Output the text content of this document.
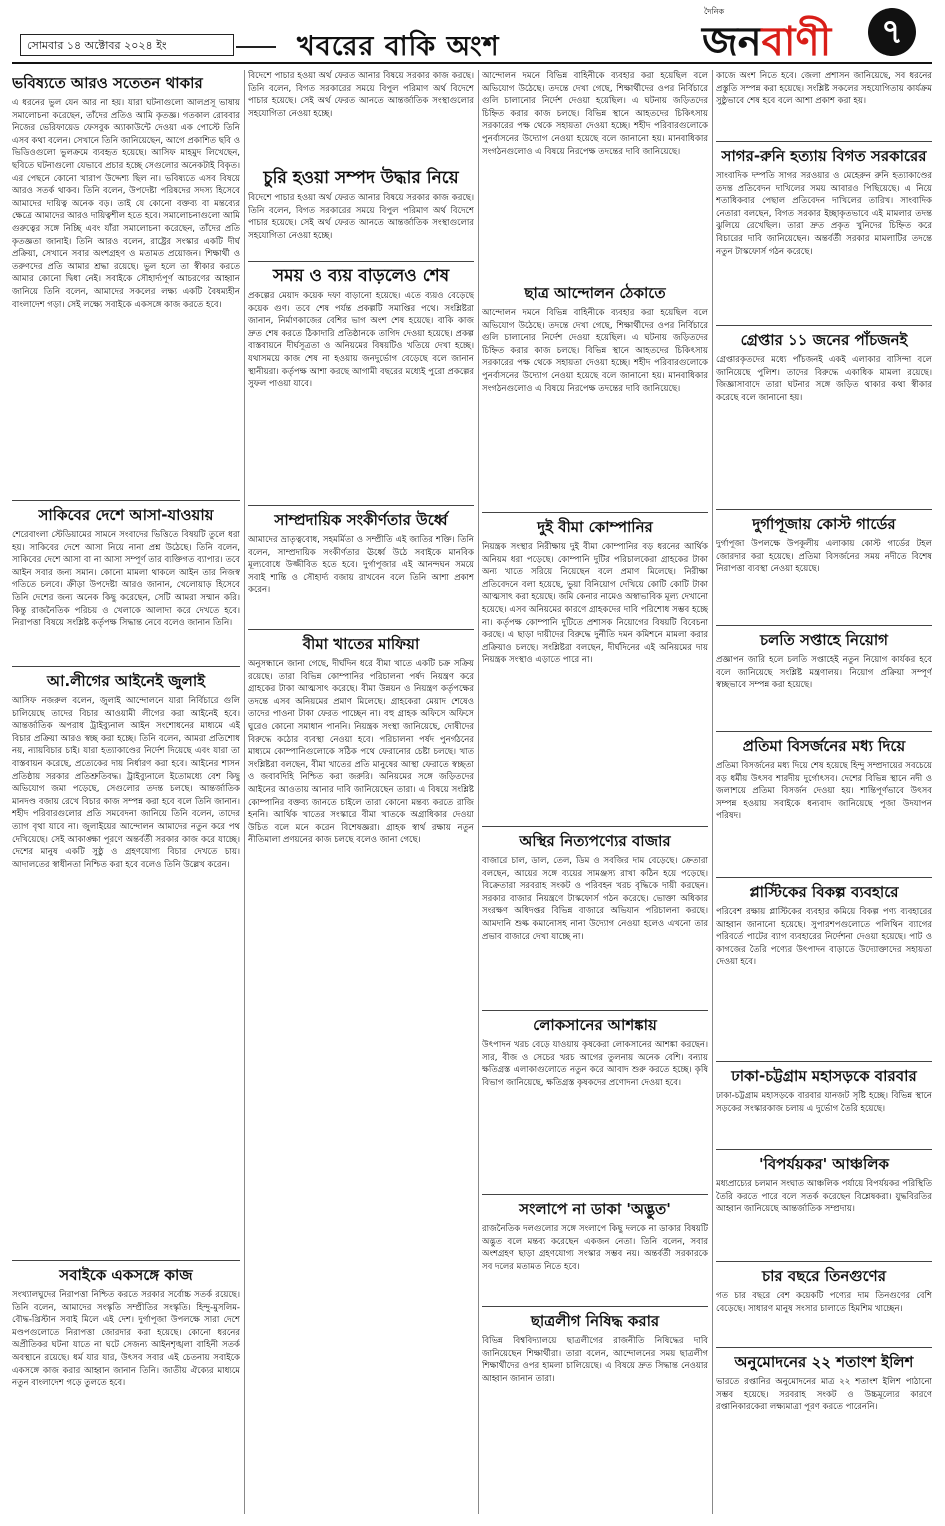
সোমবার ১৪ অক্টোবর ২০২৪ ইং	খবরের বাকি অংশ
দৈনিক
জনবাণী	৭
ভবিষ্যতে আরও সতেতন থাকার

এ ধরনের ভুল যেন আর না হয়। যারা ঘটনাগুলো আলপ্রসূ ভাষায় সমালোচনা করেছেন, তাঁদের প্রতিও আমি কৃতজ্ঞ। গতকাল রোববার নিজের ভেরিফায়েড ফেসবুক অ্যাকাউন্টে দেওয়া এক পোস্টে তিনি এসব কথা বলেন। সেখানে তিনি জানিয়েছেন, আগে প্রকাশিত ছবি ও ভিডিওগুলো ভুলক্রমে ব্যবহৃত হয়েছে। আসিফ মাহমুদ লিখেছেন, ছবিতে ঘটনাগুলো যেভাবে প্রচার হচ্ছে সেগুলোর অনেকটাই বিকৃত। এর পেছনে কোনো খারাপ উদ্দেশ্য ছিল না। ভবিষ্যতে এসব বিষয়ে আরও সতর্ক থাকব। তিনি বলেন, উপদেষ্টা পরিষদের সদস্য হিসেবে আমাদের দায়িত্ব অনেক বড়। তাই যে কোনো বক্তব্য বা মন্তব্যের ক্ষেত্রে আমাদের আরও দায়িত্বশীল হতে হবে। সমালোচনাগুলো আমি গুরুত্বের সঙ্গে নিচ্ছি এবং যাঁরা সমালোচনা করেছেন, তাঁদের প্রতি কৃতজ্ঞতা জানাই। তিনি আরও বলেন, রাষ্ট্রের সংস্কার একটি দীর্ঘ প্রক্রিয়া, সেখানে সবার অংশগ্রহণ ও মতামত প্রয়োজন। শিক্ষার্থী ও তরুণদের প্রতি আমার শ্রদ্ধা রয়েছে। ভুল হলে তা স্বীকার করতে আমার কোনো দ্বিধা নেই। সবাইকে সৌহার্দ্যপূর্ণ আচরণের আহ্বান জানিয়ে তিনি বলেন, আমাদের সকলের লক্ষ্য একটি বৈষম্যহীন বাংলাদেশ গড়া। সেই লক্ষ্যে সবাইকে একসঙ্গে কাজ করতে হবে।

সাকিবের দেশে আসা-যাওয়ায়

শেরেবাংলা স্টেডিয়ামের সামনে সংবাদের ভিত্তিতে বিষয়টি তুলে ধরা হয়। সাকিবের দেশে আসা নিয়ে নানা প্রশ্ন উঠেছে। তিনি বলেন, সাকিবের দেশে আসা বা না আসা সম্পূর্ণ তার ব্যক্তিগত ব্যাপার। তবে আইন সবার জন্য সমান। কোনো মামলা থাকলে আইন তার নিজস্ব গতিতে চলবে। ক্রীড়া উপদেষ্টা আরও জানান, খেলোয়াড় হিসেবে তিনি দেশের জন্য অনেক কিছু করেছেন, সেটি আমরা সম্মান করি। কিন্তু রাজনৈতিক পরিচয় ও খেলাকে আলাদা করে দেখতে হবে। নিরাপত্তা বিষয়ে সংশ্লিষ্ট কর্তৃপক্ষ সিদ্ধান্ত নেবে বলেও জানান তিনি।

আ.লীগের আইনেই জুলাই

আসিফ নজরুল বলেন, জুলাই আন্দোলনে যারা নির্বিচারে গুলি চালিয়েছে তাদের বিচার আওয়ামী লীগের করা আইনেই হবে। আন্তর্জাতিক অপরাধ ট্রাইব্যুনাল আইন সংশোধনের মাধ্যমে এই বিচার প্রক্রিয়া আরও স্বচ্ছ করা হচ্ছে। তিনি বলেন, আমরা প্রতিশোধ নয়, ন্যায়বিচার চাই। যারা হত্যাকাণ্ডের নির্দেশ দিয়েছে এবং যারা তা বাস্তবায়ন করেছে, প্রত্যেকের দায় নির্ধারণ করা হবে। আইনের শাসন প্রতিষ্ঠায় সরকার প্রতিশ্রুতিবদ্ধ। ট্রাইব্যুনালে ইতোমধ্যে বেশ কিছু অভিযোগ জমা পড়েছে, সেগুলোর তদন্ত চলছে। আন্তর্জাতিক মানদণ্ড বজায় রেখে বিচার কাজ সম্পন্ন করা হবে বলে তিনি জানান। শহীদ পরিবারগুলোর প্রতি সমবেদনা জানিয়ে তিনি বলেন, তাদের ত্যাগ বৃথা যাবে না। জুলাইয়ের আন্দোলন আমাদের নতুন করে পথ দেখিয়েছে। সেই আকাঙ্ক্ষা পূরণে অন্তর্বর্তী সরকার কাজ করে যাচ্ছে। দেশের মানুষ একটি সুষ্ঠু ও গ্রহণযোগ্য বিচার দেখতে চায়। আদালতের স্বাধীনতা নিশ্চিত করা হবে বলেও তিনি উল্লেখ করেন।

সবাইকে একসঙ্গে কাজ

সংখ্যালঘুদের নিরাপত্তা নিশ্চিত করতে সরকার সর্বোচ্চ সতর্ক রয়েছে। তিনি বলেন, আমাদের সংস্কৃতি সম্প্রীতির সংস্কৃতি। হিন্দু-মুসলিম-বৌদ্ধ-খ্রিস্টান সবাই মিলে এই দেশ। দুর্গাপূজা উপলক্ষে সারা দেশে মণ্ডপগুলোতে নিরাপত্তা জোরদার করা হয়েছে। কোনো ধরনের অপ্রীতিকর ঘটনা যাতে না ঘটে সেজন্য আইনশৃঙ্খলা বাহিনী সতর্ক অবস্থানে রয়েছে। ধর্ম যার যার, উৎসব সবার এই চেতনায় সবাইকে একসঙ্গে কাজ করার আহ্বান জানান তিনি। জাতীয় ঐক্যের মাধ্যমে নতুন বাংলাদেশ গড়ে তুলতে হবে।

বিদেশে পাচার হওয়া অর্থ ফেরত আনার বিষয়ে সরকার কাজ করছে। তিনি বলেন, বিগত সরকারের সময়ে বিপুল পরিমাণ অর্থ বিদেশে পাচার হয়েছে। সেই অর্থ ফেরত আনতে আন্তর্জাতিক সংস্থাগুলোর সহযোগিতা নেওয়া হচ্ছে।

চুরি হওয়া সম্পদ উদ্ধার নিয়ে

বিদেশে পাচার হওয়া অর্থ ফেরত আনার বিষয়ে সরকার কাজ করছে। তিনি বলেন, বিগত সরকারের সময়ে বিপুল পরিমাণ অর্থ বিদেশে পাচার হয়েছে। সেই অর্থ ফেরত আনতে আন্তর্জাতিক সংস্থাগুলোর সহযোগিতা নেওয়া হচ্ছে।

সময় ও ব্যয় বাড়লেও শেষ

প্রকল্পের মেয়াদ কয়েক দফা বাড়ানো হয়েছে। এতে ব্যয়ও বেড়েছে কয়েক গুণ। তবে শেষ পর্যন্ত প্রকল্পটি সমাপ্তির পথে। সংশ্লিষ্টরা জানান, নির্মাণকাজের বেশির ভাগ অংশ শেষ হয়েছে। বাকি কাজ দ্রুত শেষ করতে ঠিকাদারি প্রতিষ্ঠানকে তাগিদ দেওয়া হয়েছে। প্রকল্প বাস্তবায়নে দীর্ঘসূত্রতা ও অনিয়মের বিষয়টিও খতিয়ে দেখা হচ্ছে। যথাসময়ে কাজ শেষ না হওয়ায় জনদুর্ভোগ বেড়েছে বলে জানান স্থানীয়রা। কর্তৃপক্ষ আশা করছে আগামী বছরের মধ্যেই পুরো প্রকল্পের সুফল পাওয়া যাবে।

সাম্প্রদায়িক সংকীর্ণতার উর্ধ্বে

আমাদের ভ্রাতৃত্ববোধ, সহমর্মিতা ও সম্প্রীতি এই জাতির শক্তি। তিনি বলেন, সাম্প্রদায়িক সংকীর্ণতার ঊর্ধ্বে উঠে সবাইকে মানবিক মূল্যবোধে উজ্জীবিত হতে হবে। দুর্গাপূজার এই আনন্দঘন সময়ে সবাই শান্তি ও সৌহার্দ্য বজায় রাখবেন বলে তিনি আশা প্রকাশ করেন।

বীমা খাতের মাফিয়া

অনুসন্ধানে জানা গেছে, দীর্ঘদিন ধরে বীমা খাতে একটি চক্র সক্রিয় রয়েছে। তারা বিভিন্ন কোম্পানির পরিচালনা পর্ষদ নিয়ন্ত্রণ করে গ্রাহকের টাকা আত্মসাৎ করেছে। বীমা উন্নয়ন ও নিয়ন্ত্রণ কর্তৃপক্ষের তদন্তে এসব অনিয়মের প্রমাণ মিলেছে। গ্রাহকেরা মেয়াদ শেষেও তাদের পাওনা টাকা ফেরত পাচ্ছেন না। বহু গ্রাহক অফিসে অফিসে ঘুরেও কোনো সমাধান পাননি। নিয়ন্ত্রক সংস্থা জানিয়েছে, দোষীদের বিরুদ্ধে কঠোর ব্যবস্থা নেওয়া হবে। পরিচালনা পর্ষদ পুনর্গঠনের মাধ্যমে কোম্পানিগুলোকে সঠিক পথে ফেরানোর চেষ্টা চলছে। খাত সংশ্লিষ্টরা বলছেন, বীমা খাতের প্রতি মানুষের আস্থা ফেরাতে স্বচ্ছতা ও জবাবদিহি নিশ্চিত করা জরুরি। অনিয়মের সঙ্গে জড়িতদের আইনের আওতায় আনার দাবি জানিয়েছেন তারা। এ বিষয়ে সংশ্লিষ্ট কোম্পানির বক্তব্য জানতে চাইলে তারা কোনো মন্তব্য করতে রাজি হননি। আর্থিক খাতের সংস্কারে বীমা খাতকে অগ্রাধিকার দেওয়া উচিত বলে মনে করেন বিশেষজ্ঞরা। গ্রাহক স্বার্থ রক্ষায় নতুন নীতিমালা প্রণয়নের কাজ চলছে বলেও জানা গেছে।

আন্দোলন দমনে বিভিন্ন বাহিনীকে ব্যবহার করা হয়েছিল বলে অভিযোগ উঠেছে। তদন্তে দেখা গেছে, শিক্ষার্থীদের ওপর নির্বিচারে গুলি চালানোর নির্দেশ দেওয়া হয়েছিল। এ ঘটনায় জড়িতদের চিহ্নিত করার কাজ চলছে। বিভিন্ন স্থানে আহতদের চিকিৎসায় সরকারের পক্ষ থেকে সহায়তা দেওয়া হচ্ছে। শহীদ পরিবারগুলোকে পুনর্বাসনের উদ্যোগ নেওয়া হয়েছে বলে জানানো হয়। মানবাধিকার সংগঠনগুলোও এ বিষয়ে নিরপেক্ষ তদন্তের দাবি জানিয়েছে।

ছাত্র আন্দোলন ঠেকাতে

আন্দোলন দমনে বিভিন্ন বাহিনীকে ব্যবহার করা হয়েছিল বলে অভিযোগ উঠেছে। তদন্তে দেখা গেছে, শিক্ষার্থীদের ওপর নির্বিচারে গুলি চালানোর নির্দেশ দেওয়া হয়েছিল। এ ঘটনায় জড়িতদের চিহ্নিত করার কাজ চলছে। বিভিন্ন স্থানে আহতদের চিকিৎসায় সরকারের পক্ষ থেকে সহায়তা দেওয়া হচ্ছে। শহীদ পরিবারগুলোকে পুনর্বাসনের উদ্যোগ নেওয়া হয়েছে বলে জানানো হয়। মানবাধিকার সংগঠনগুলোও এ বিষয়ে নিরপেক্ষ তদন্তের দাবি জানিয়েছে।

দুই বীমা কোম্পানির

নিয়ন্ত্রক সংস্থার নিরীক্ষায় দুই বীমা কোম্পানির বড় ধরনের আর্থিক অনিয়ম ধরা পড়েছে। কোম্পানি দুটির পরিচালকেরা গ্রাহকের টাকা অন্য খাতে সরিয়ে নিয়েছেন বলে প্রমাণ মিলেছে। নিরীক্ষা প্রতিবেদনে বলা হয়েছে, ভুয়া বিনিয়োগ দেখিয়ে কোটি কোটি টাকা আত্মসাৎ করা হয়েছে। জমি কেনার নামেও অস্বাভাবিক মূল্য দেখানো হয়েছে। এসব অনিয়মের কারণে গ্রাহকদের দাবি পরিশোধ সম্ভব হচ্ছে না। কর্তৃপক্ষ কোম্পানি দুটিতে প্রশাসক নিয়োগের বিষয়টি বিবেচনা করছে। এ ছাড়া দায়ীদের বিরুদ্ধে দুর্নীতি দমন কমিশনে মামলা করার প্রক্রিয়াও চলছে। সংশ্লিষ্টরা বলছেন, দীর্ঘদিনের এই অনিয়মের দায় নিয়ন্ত্রক সংস্থাও এড়াতে পারে না।

অস্থির নিত্যপণ্যের বাজার

বাজারে চাল, ডাল, তেল, ডিম ও সবজির দাম বেড়েছে। ক্রেতারা বলছেন, আয়ের সঙ্গে ব্যয়ের সামঞ্জস্য রাখা কঠিন হয়ে পড়েছে। বিক্রেতারা সরবরাহ সংকট ও পরিবহন খরচ বৃদ্ধিকে দায়ী করছেন। সরকার বাজার নিয়ন্ত্রণে টাস্কফোর্স গঠন করেছে। ভোক্তা অধিকার সংরক্ষণ অধিদপ্তর বিভিন্ন বাজারে অভিযান পরিচালনা করছে। আমদানি শুল্ক কমানোসহ নানা উদ্যোগ নেওয়া হলেও এখনো তার প্রভাব বাজারে দেখা যাচ্ছে না।

লোকসানের আশঙ্কায়

উৎপাদন খরচ বেড়ে যাওয়ায় কৃষকেরা লোকসানের আশঙ্কা করছেন। সার, বীজ ও সেচের খরচ আগের তুলনায় অনেক বেশি। বন্যায় ক্ষতিগ্রস্ত এলাকাগুলোতে নতুন করে আবাদ শুরু করতে হচ্ছে। কৃষি বিভাগ জানিয়েছে, ক্ষতিগ্রস্ত কৃষকদের প্রণোদনা দেওয়া হবে।

সংলাপে না ডাকা 'অদ্ভুত'

রাজনৈতিক দলগুলোর সঙ্গে সংলাপে কিছু দলকে না ডাকার বিষয়টি অদ্ভুত বলে মন্তব্য করেছেন একজন নেতা। তিনি বলেন, সবার অংশগ্রহণ ছাড়া গ্রহণযোগ্য সংস্কার সম্ভব নয়। অন্তর্বর্তী সরকারকে সব দলের মতামত নিতে হবে।

ছাত্রলীগ নিষিদ্ধ করার

বিভিন্ন বিশ্ববিদ্যালয়ে ছাত্রলীগের রাজনীতি নিষিদ্ধের দাবি জানিয়েছেন শিক্ষার্থীরা। তারা বলেন, আন্দোলনের সময় ছাত্রলীগ শিক্ষার্থীদের ওপর হামলা চালিয়েছে। এ বিষয়ে দ্রুত সিদ্ধান্ত নেওয়ার আহ্বান জানান তারা।

কাজে অংশ নিতে হবে। জেলা প্রশাসন জানিয়েছে, সব ধরনের প্রস্তুতি সম্পন্ন করা হয়েছে। সংশ্লিষ্ট সকলের সহযোগিতায় কার্যক্রম সুষ্ঠুভাবে শেষ হবে বলে আশা প্রকাশ করা হয়।

সাগর-রুনি হত্যায় বিগত সরকারের

সাংবাদিক দম্পতি সাগর সরওয়ার ও মেহেরুন রুনি হত্যাকাণ্ডের তদন্ত প্রতিবেদন দাখিলের সময় আবারও পিছিয়েছে। এ নিয়ে শতাধিকবার পেছাল প্রতিবেদন দাখিলের তারিখ। সাংবাদিক নেতারা বলছেন, বিগত সরকার ইচ্ছাকৃতভাবে এই মামলার তদন্ত ঝুলিয়ে রেখেছিল। তারা দ্রুত প্রকৃত খুনিদের চিহ্নিত করে বিচারের দাবি জানিয়েছেন। অন্তর্বর্তী সরকার মামলাটির তদন্তে নতুন টাস্কফোর্স গঠন করেছে।

গ্রেপ্তার ১১ জনের পাঁচজনই

গ্রেপ্তারকৃতদের মধ্যে পাঁচজনই একই এলাকার বাসিন্দা বলে জানিয়েছে পুলিশ। তাদের বিরুদ্ধে একাধিক মামলা রয়েছে। জিজ্ঞাসাবাদে তারা ঘটনার সঙ্গে জড়িত থাকার কথা স্বীকার করেছে বলে জানানো হয়।

দুর্গাপূজায় কোস্ট গার্ডের

দুর্গাপূজা উপলক্ষে উপকূলীয় এলাকায় কোস্ট গার্ডের টহল জোরদার করা হয়েছে। প্রতিমা বিসর্জনের সময় নদীতে বিশেষ নিরাপত্তা ব্যবস্থা নেওয়া হয়েছে।

চলতি সপ্তাহে নিয়োগ

প্রজ্ঞাপন জারি হলে চলতি সপ্তাহেই নতুন নিয়োগ কার্যকর হবে বলে জানিয়েছে সংশ্লিষ্ট মন্ত্রণালয়। নিয়োগ প্রক্রিয়া সম্পূর্ণ স্বচ্ছভাবে সম্পন্ন করা হয়েছে।

প্রতিমা বিসর্জনের মধ্য দিয়ে

প্রতিমা বিসর্জনের মধ্য দিয়ে শেষ হয়েছে হিন্দু সম্প্রদায়ের সবচেয়ে বড় ধর্মীয় উৎসব শারদীয় দুর্গোৎসব। দেশের বিভিন্ন স্থানে নদী ও জলাশয়ে প্রতিমা বিসর্জন দেওয়া হয়। শান্তিপূর্ণভাবে উৎসব সম্পন্ন হওয়ায় সবাইকে ধন্যবাদ জানিয়েছে পূজা উদযাপন পরিষদ।

প্লাস্টিকের বিকল্প ব্যবহারে

পরিবেশ রক্ষায় প্লাস্টিকের ব্যবহার কমিয়ে বিকল্প পণ্য ব্যবহারের আহ্বান জানানো হয়েছে। সুপারশপগুলোতে পলিথিন ব্যাগের পরিবর্তে পাটের ব্যাগ ব্যবহারের নির্দেশনা দেওয়া হয়েছে। পাট ও কাগজের তৈরি পণ্যের উৎপাদন বাড়াতে উদ্যোক্তাদের সহায়তা দেওয়া হবে।

ঢাকা-চট্টগ্রাম মহাসড়কে বারবার

ঢাকা-চট্টগ্রাম মহাসড়কে বারবার যানজট সৃষ্টি হচ্ছে। বিভিন্ন স্থানে সড়কের সংস্কারকাজ চলায় এ দুর্ভোগ তৈরি হয়েছে।

'বিপর্যয়কর' আঞ্চলিক

মধ্যপ্রাচ্যের চলমান সংঘাত আঞ্চলিক পর্যায়ে বিপর্যয়কর পরিস্থিতি তৈরি করতে পারে বলে সতর্ক করেছেন বিশ্লেষকরা। যুদ্ধবিরতির আহ্বান জানিয়েছে আন্তর্জাতিক সম্প্রদায়।

চার বছরে তিনগুণের

গত চার বছরে বেশ কয়েকটি পণ্যের দাম তিনগুণের বেশি বেড়েছে। সাধারণ মানুষ সংসার চালাতে হিমশিম খাচ্ছেন।

অনুমোদনের ২২ শতাংশ ইলিশ

ভারতে রপ্তানির অনুমোদনের মাত্র ২২ শতাংশ ইলিশ পাঠানো সম্ভব হয়েছে। সরবরাহ সংকট ও উচ্চমূল্যের কারণে রপ্তানিকারকেরা লক্ষ্যমাত্রা পূরণ করতে পারেননি।
